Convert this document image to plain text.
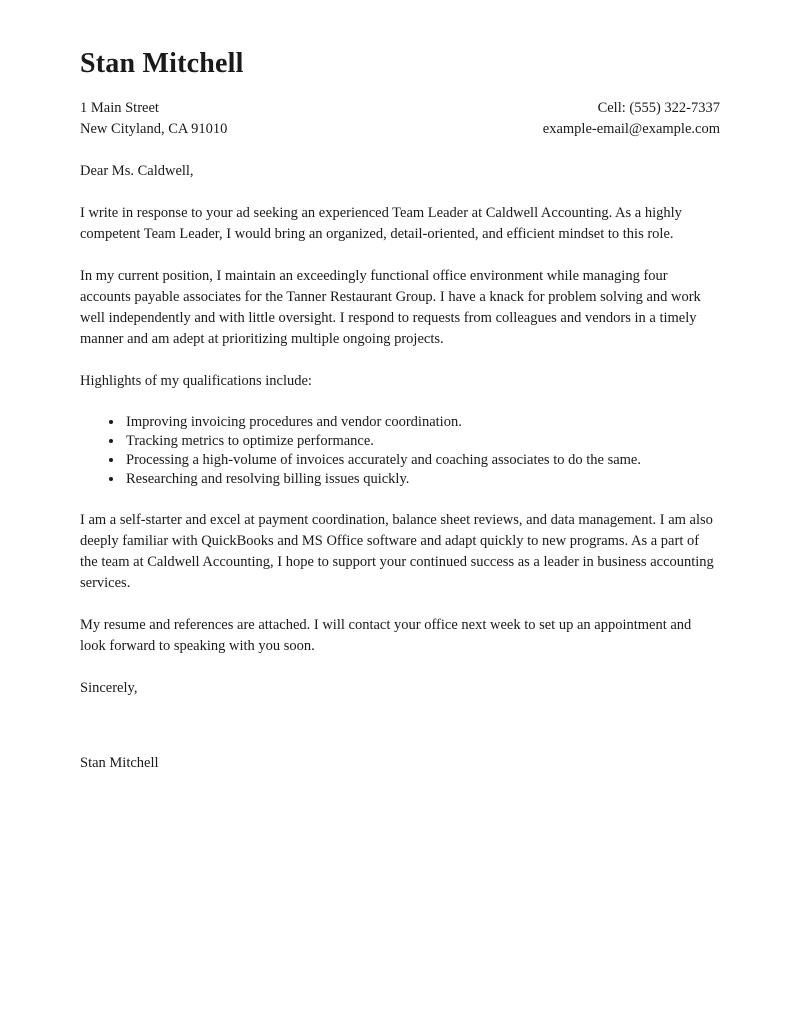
Stan Mitchell

1 Main Street

New Cityland, CA 91010

Cell: (555) 322-7337

example-email@example.com

Dear Ms. Caldwell,

I write in response to your ad seeking an experienced Team Leader at Caldwell Accounting. As a highly competent Team Leader, I would bring an organized, detail-oriented, and efficient mindset to this role.

In my current position, I maintain an exceedingly functional office environment while managing four accounts payable associates for the Tanner Restaurant Group. I have a knack for problem solving and work well independently and with little oversight. I respond to requests from colleagues and vendors in a timely manner and am adept at prioritizing multiple ongoing projects.

Highlights of my qualifications include:

• Improving invoicing procedures and vendor coordination.
• Tracking metrics to optimize performance.
• Processing a high-volume of invoices accurately and coaching associates to do the same.
• Researching and resolving billing issues quickly.

I am a self-starter and excel at payment coordination, balance sheet reviews, and data management. I am also deeply familiar with QuickBooks and MS Office software and adapt quickly to new programs. As a part of the team at Caldwell Accounting, I hope to support your continued success as a leader in business accounting services.

My resume and references are attached. I will contact your office next week to set up an appointment and look forward to speaking with you soon.

Sincerely,

Stan Mitchell
